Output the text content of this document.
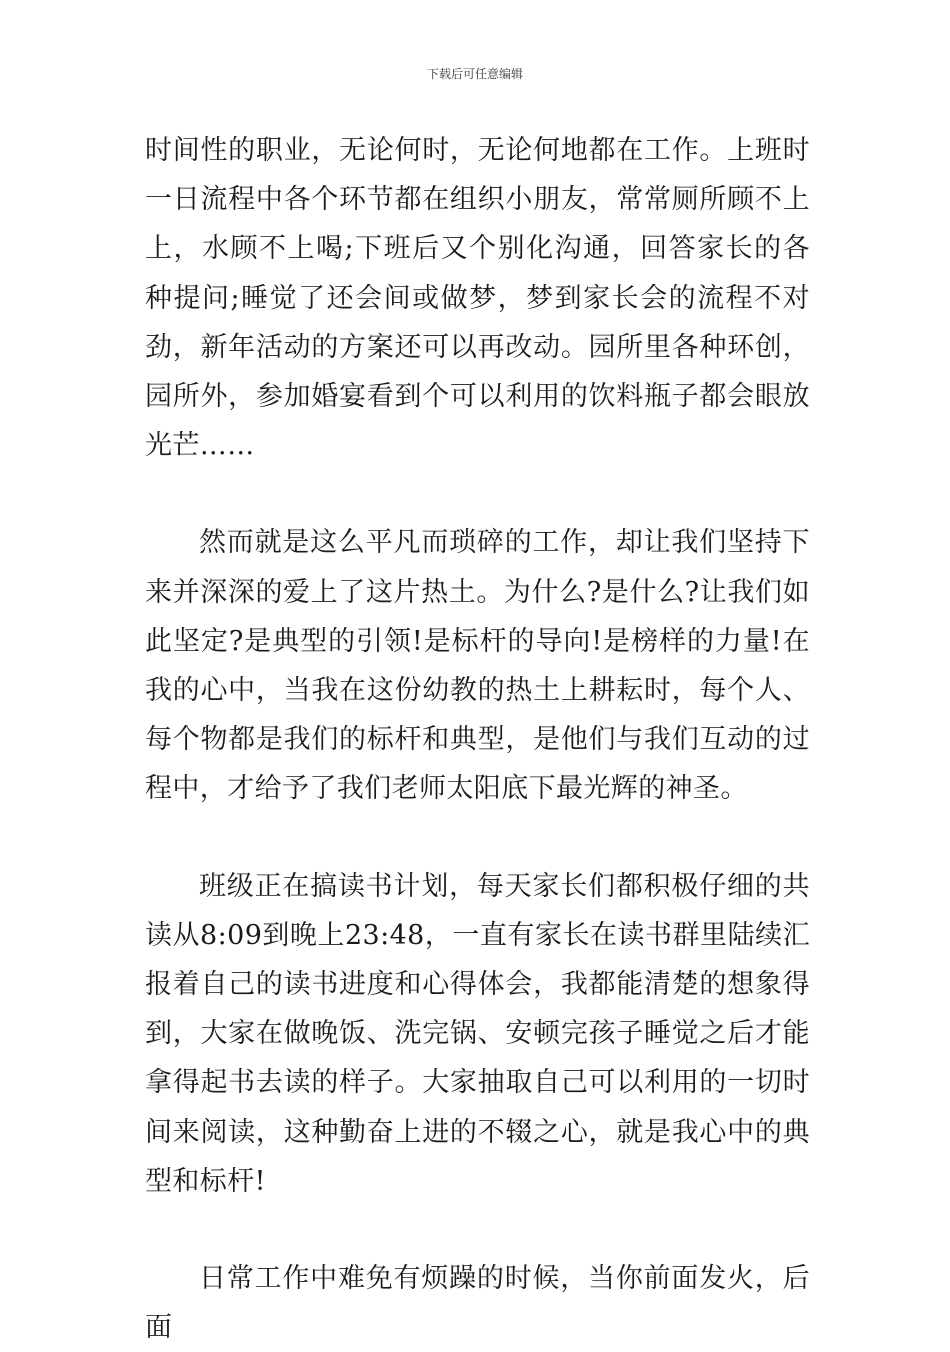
下载后可任意编辑

时间性的职业，无论何时，无论何地都在工作。上班时一日流程中各个环节都在组织小朋友，常常厕所顾不上上，水顾不上喝;下班后又个别化沟通，回答家长的各种提问;睡觉了还会间或做梦，梦到家长会的流程不对劲，新年活动的方案还可以再改动。园所里各种环创，园所外，参加婚宴看到个可以利用的饮料瓶子都会眼放光芒……

然而就是这么平凡而琐碎的工作，却让我们坚持下来并深深的爱上了这片热土。为什么?是什么?让我们如此坚定?是典型的引领!是标杆的导向!是榜样的力量!在我的心中，当我在这份幼教的热土上耕耘时，每个人、每个物都是我们的标杆和典型，是他们与我们互动的过程中，才给予了我们老师太阳底下最光辉的神圣。

班级正在搞读书计划，每天家长们都积极仔细的共读从8:09到晚上23:48，一直有家长在读书群里陆续汇报着自己的读书进度和心得体会，我都能清楚的想象得到，大家在做晚饭、洗完锅、安顿完孩子睡觉之后才能拿得起书去读的样子。大家抽取自己可以利用的一切时间来阅读，这种勤奋上进的不辍之心，就是我心中的典型和标杆!

日常工作中难免有烦躁的时候，当你前面发火，后面
